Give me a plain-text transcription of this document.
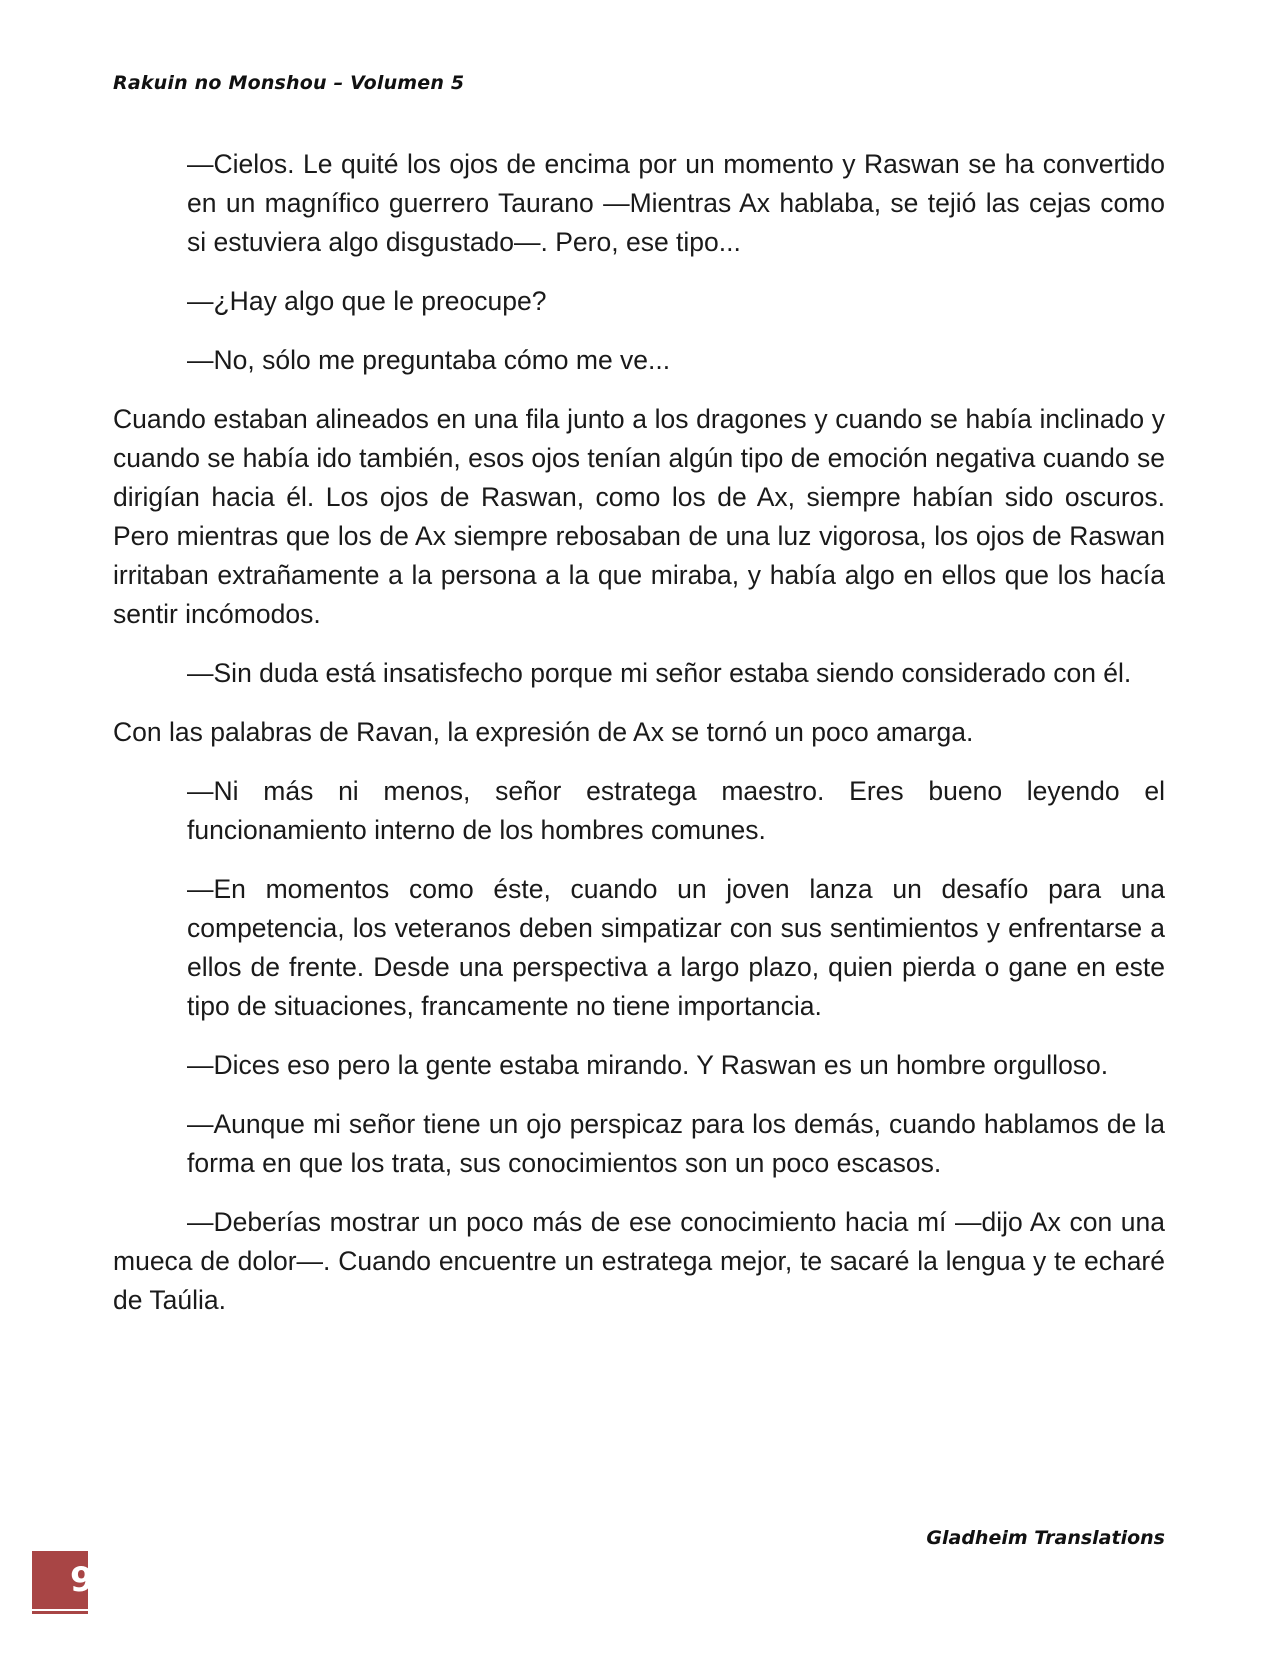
Rakuin no Monshou – Volumen 5

—Cielos. Le quité los ojos de encima por un momento y Raswan se ha convertido en un magnífico guerrero Taurano —Mientras Ax hablaba, se tejió las cejas como si estuviera algo disgustado—. Pero, ese tipo...

—¿Hay algo que le preocupe?

—No, sólo me preguntaba cómo me ve...

Cuando estaban alineados en una fila junto a los dragones y cuando se había inclinado y cuando se había ido también, esos ojos tenían algún tipo de emoción negativa cuando se dirigían hacia él. Los ojos de Raswan, como los de Ax, siempre habían sido oscuros. Pero mientras que los de Ax siempre rebosaban de una luz vigorosa, los ojos de Raswan irritaban extrañamente a la persona a la que miraba, y había algo en ellos que los hacía sentir incómodos.

—Sin duda está insatisfecho porque mi señor estaba siendo considerado con él.

Con las palabras de Ravan, la expresión de Ax se tornó un poco amarga.

—Ni más ni menos, señor estratega maestro. Eres bueno leyendo el funcionamiento interno de los hombres comunes.

—En momentos como éste, cuando un joven lanza un desafío para una competencia, los veteranos deben simpatizar con sus sentimientos y enfrentarse a ellos de frente. Desde una perspectiva a largo plazo, quien pierda o gane en este tipo de situaciones, francamente no tiene importancia.

—Dices eso pero la gente estaba mirando. Y Raswan es un hombre orgulloso.

—Aunque mi señor tiene un ojo perspicaz para los demás, cuando hablamos de la forma en que los trata, sus conocimientos son un poco escasos.

—Deberías mostrar un poco más de ese conocimiento hacia mí —dijo Ax con una mueca de dolor—. Cuando encuentre un estratega mejor, te sacaré la lengua y te echaré de Taúlia.

Gladheim Translations
9
